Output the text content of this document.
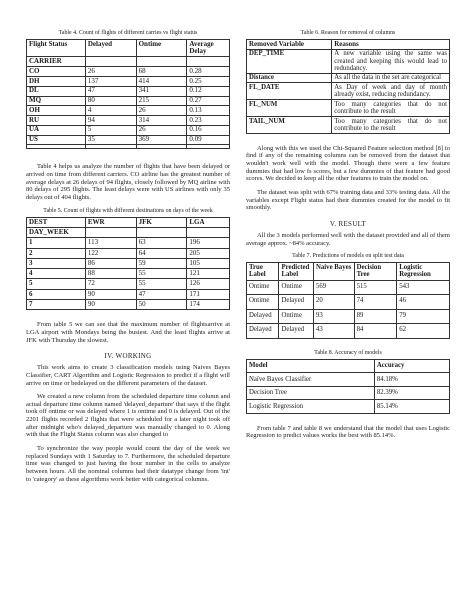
Table 4. Count of flights of different carries vs flight status
Flight Status	Delayed	Ontime	Average Delay
CARRIER			
CO	26	68	0.28
DH	137	414	0.25
DL	47	341	0.12
MQ	80	215	0.27
OH	4	26	0.13
RU	94	314	0.23
UA	5	26	0.16
US	35	369	0.09

Table 4 helps us analyze the number of flights that have been delayed or arrived on time from different carriers. CO airline has the greatest number of average delays at 26 delays of 94 flights, closely followed by MQ airline with 80 delays of 295 flights. The least delays were with US airlines with only 35 delays out of 404 flights.

Table 5. Count of flights with different destinations on days of the week
DEST	EWR	JFK	LGA
DAY_WEEK			
1	113	63	196
2	122	64	205
3	86	59	105
4	88	55	121
5	72	55	126
6	90	47	171
7	90	50	174

From table 5 we can see that the maximum number of flightsarrive at LGA airport with Mondays being the busiest. And the least flights arrive at JFK with Thursday the slowest.

IV. WORKING

This work aims to create 3 classification models using Naives Bayes Classifier, CART Algorithm and Logistic Regression to predict if a flight will arrive on time or bedelayed on the different parameters of the dataset.

We created a new column from the scheduled departure time column and actual departure time column named 'delayed_departure' that says if the flight took off ontime or was delayed where 1 is ontime and 0 is delayed. Out of the 2201 flights recorded 2 flights that were scheduled for a later night took off after midnight who's delayed_departure was manually changed to 0. Along with that the Flight Status column was also changed to

To synchronize the way people would count the day of the week we replaced Sundays with 1 Saturday to 7. Furthermore, the scheduled departure time was changed to just having the hour number in the cells to analyze between hours. All the nominal columns had their datatype change from 'int' to 'category' as these algorithms work better with categorical columns.

Table 6. Reason for removal of columns
Removed Variable	Reasons
DEP_TIME	A new variable using the same was created and keeping this would lead to redundancy.
Distance	As all the data in the set are categorical
FL_DATE	As Day of week and day of month already exist, reducing redundancy.
FL_NUM	Too many categories that do not contribute to the result
TAIL_NUM	Too many categories that do not contribute to the result

Along with this we used the Chi-Squared Feature selection method [8] to find if any of the remaining columns can be removed from the dataset that wouldn't work well with the model. Though there were a few feature dummies that had low fs scores, but a few dummies of that feature had good scores. We decided to keep all the other features to train the model on.

The dataset was split with 67% training data and 33% testing data. All the variables except Flight status had their dummies created for the model to fit smoothly.

V. RESULT

All the 3 models performed well with the dataset provided and all of them average approx. ~84% accuracy.

Table 7. Predictions of models on split test data
True Label	Predicted Label	Naive Bayes	Decision Tree	Logistic Regression
Ontime	Ontime	569	515	543
Ontime	Delayed	20	74	46
Delayed	Ontime	93	89	79
Delayed	Delayed	43	84	62
Table 8. Accuracy of models
Model	Accuracy
Naïve Bayes Classifier	84.18%
Decision Tree	82.39%
Logistic Regression	85.14%

From table 7 and table 8 we understand that the model that uses Logistic Regression to predict values works the best with 85.14%.
